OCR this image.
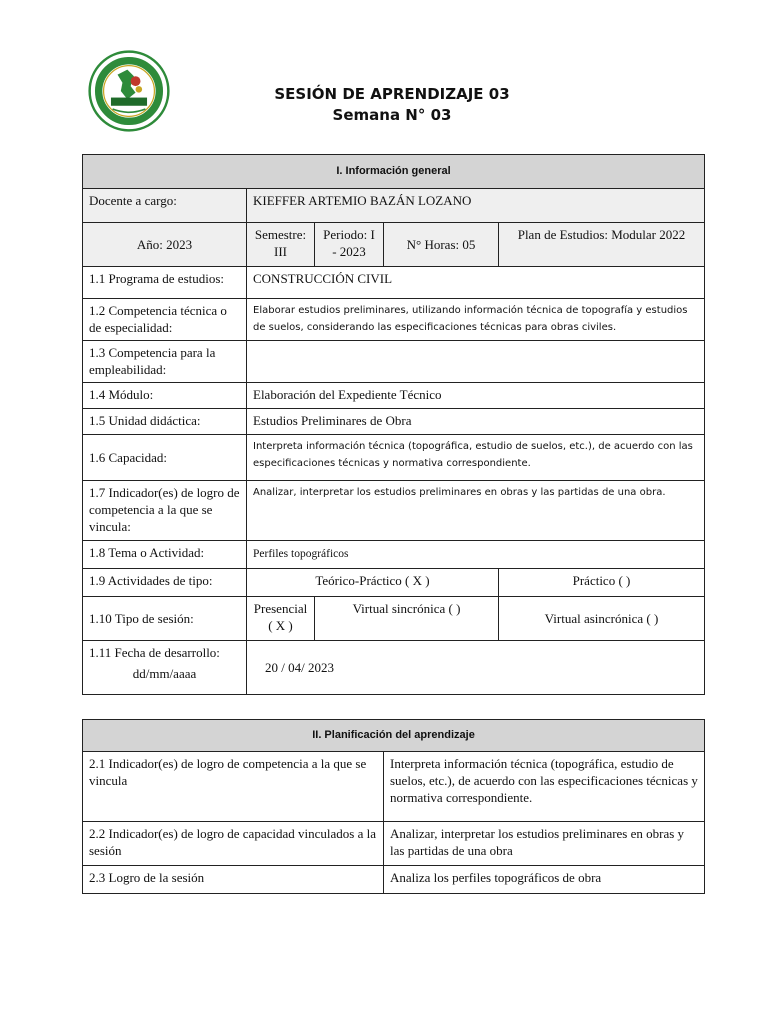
SESIÓN DE APRENDIZAJE 03
Semana N° 03
I. Información general				
Docente a cargo:	KIEFFER ARTEMIO BAZÁN LOZANO			
Año: 2023	Semestre: III	Periodo: I - 2023	N° Horas: 05	Plan de Estudios: Modular 2022
1.1 Programa de estudios:	CONSTRUCCIÓN CIVIL			
1.2 Competencia técnica o de especialidad:	Elaborar estudios preliminares, utilizando información técnica de topografía y estudios de suelos, considerando las especificaciones técnicas para obras civiles.			
1.3 Competencia para la empleabilidad:				
1.4 Módulo:	Elaboración del Expediente Técnico			
1.5 Unidad didáctica:	Estudios Preliminares de Obra			
1.6 Capacidad:	Interpreta información técnica (topográfica, estudio de suelos, etc.), de acuerdo con las especificaciones técnicas y normativa correspondiente.			
1.7 Indicador(es) de logro de competencia a la que se vincula:	Analizar, interpretar los estudios preliminares en obras y las partidas de una obra.			
1.8 Tema o Actividad:	Perfiles topográficos			
1.9 Actividades de tipo:	Teórico-Práctico ( X )			Práctico ( )
1.10 Tipo de sesión:	Presencial ( X )	Virtual sincrónica ( )		Virtual asincrónica ( )

1.11 Fecha de desarrollo:
dd/mm/aaaa	20 / 04/ 2023			
II. Planificación del aprendizaje	
2.1 Indicador(es) de logro de competencia a la que se vincula	Interpreta información técnica (topográfica, estudio de suelos, etc.), de acuerdo con las especificaciones técnicas y normativa correspondiente.
2.2 Indicador(es) de logro de capacidad vinculados a la sesión	Analizar, interpretar los estudios preliminares en obras y las partidas de una obra
2.3 Logro de la sesión	Analiza los perfiles topográficos de obra
